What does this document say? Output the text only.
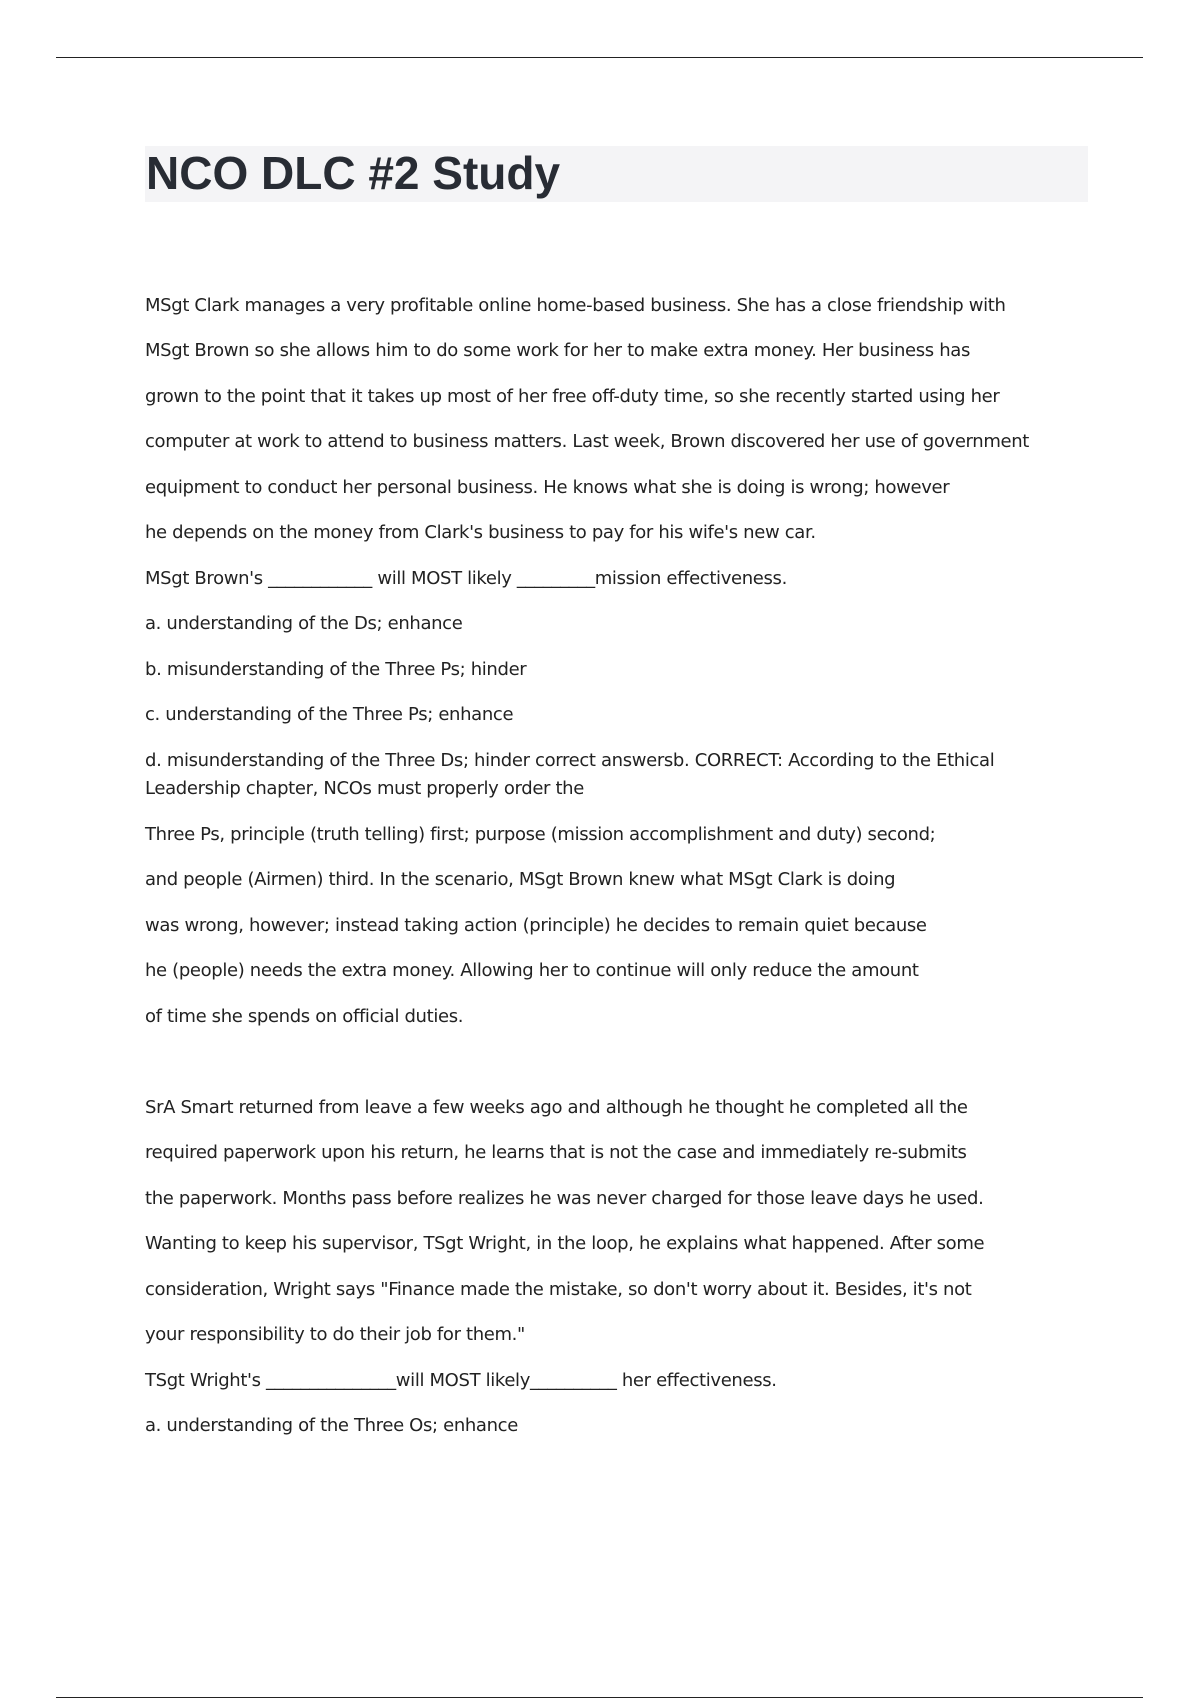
NCO DLC #2 Study

MSgt Clark manages a very profitable online home-based business. She has a close friendship with

MSgt Brown so she allows him to do some work for her to make extra money. Her business has

grown to the point that it takes up most of her free off-duty time, so she recently started using her

computer at work to attend to business matters. Last week, Brown discovered her use of government

equipment to conduct her personal business. He knows what she is doing is wrong; however

he depends on the money from Clark's business to pay for his wife's new car.

MSgt Brown's ____________ will MOST likely _________mission effectiveness.

a. understanding of the Ds; enhance

b. misunderstanding of the Three Ps; hinder

c. understanding of the Three Ps; enhance

d. misunderstanding of the Three Ds; hinder correct answersb. CORRECT: According to the Ethical

Leadership chapter, NCOs must properly order the

Three Ps, principle (truth telling) first; purpose (mission accomplishment and duty) second;

and people (Airmen) third. In the scenario, MSgt Brown knew what MSgt Clark is doing

was wrong, however; instead taking action (principle) he decides to remain quiet because

he (people) needs the extra money. Allowing her to continue will only reduce the amount

of time she spends on official duties.

SrA Smart returned from leave a few weeks ago and although he thought he completed all the

required paperwork upon his return, he learns that is not the case and immediately re-submits

the paperwork. Months pass before realizes he was never charged for those leave days he used.

Wanting to keep his supervisor, TSgt Wright, in the loop, he explains what happened. After some

consideration, Wright says "Finance made the mistake, so don't worry about it. Besides, it's not

your responsibility to do their job for them."

TSgt Wright's _______________will MOST likely__________ her effectiveness.

a. understanding of the Three Os; enhance
